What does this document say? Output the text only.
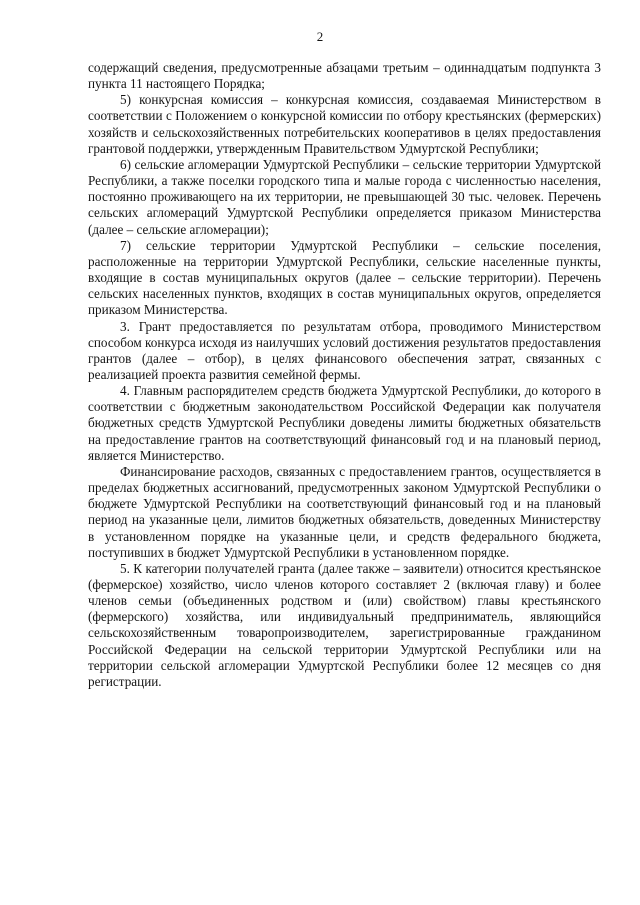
2

содержащий сведения, предусмотренные абзацами третьим – одиннадцатым подпункта 3 пункта 11 настоящего Порядка;

5) конкурсная комиссия – конкурсная комиссия, создаваемая Министерством в соответствии с Положением о конкурсной комиссии по отбору крестьянских (фермерских) хозяйств и сельскохозяйственных потребительских кооперативов в целях предоставления грантовой поддержки, утвержденным Правительством Удмуртской Республики;

6) сельские агломерации Удмуртской Республики – сельские территории Удмуртской Республики, а также поселки городского типа и малые города с численностью населения, постоянно проживающего на их территории, не превышающей 30 тыс. человек. Перечень сельских агломераций Удмуртской Республики определяется приказом Министерства (далее – сельские агломерации);

7) сельские территории Удмуртской Республики – сельские поселения, расположенные на территории Удмуртской Республики, сельские населенные пункты, входящие в состав муниципальных округов (далее – сельские территории). Перечень сельских населенных пунктов, входящих в состав муниципальных округов, определяется приказом Министерства.

3. Грант предоставляется по результатам отбора, проводимого Министерством способом конкурса исходя из наилучших условий достижения результатов предоставления грантов (далее – отбор), в целях финансового обеспечения затрат, связанных с реализацией проекта развития семейной фермы.

4. Главным распорядителем средств бюджета Удмуртской Республики, до которого в соответствии с бюджетным законодательством Российской Федерации как получателя бюджетных средств Удмуртской Республики доведены лимиты бюджетных обязательств на предоставление грантов на соответствующий финансовый год и на плановый период, является Министерство.

Финансирование расходов, связанных с предоставлением грантов, осуществляется в пределах бюджетных ассигнований, предусмотренных законом Удмуртской Республики о бюджете Удмуртской Республики на соответствующий финансовый год и на плановый период на указанные цели, лимитов бюджетных обязательств, доведенных Министерству в установленном порядке на указанные цели, и средств федерального бюджета, поступивших в бюджет Удмуртской Республики в установленном порядке.

5. К категории получателей гранта (далее также – заявители) относится крестьянское (фермерское) хозяйство, число членов которого составляет 2 (включая главу) и более членов семьи (объединенных родством и (или) свойством) главы крестьянского (фермерского) хозяйства, или индивидуальный предприниматель, являющийся сельскохозяйственным товаропроизводителем, зарегистрированные гражданином Российской Федерации на сельской территории Удмуртской Республики или на территории сельской агломерации Удмуртской Республики более 12 месяцев со дня регистрации.
